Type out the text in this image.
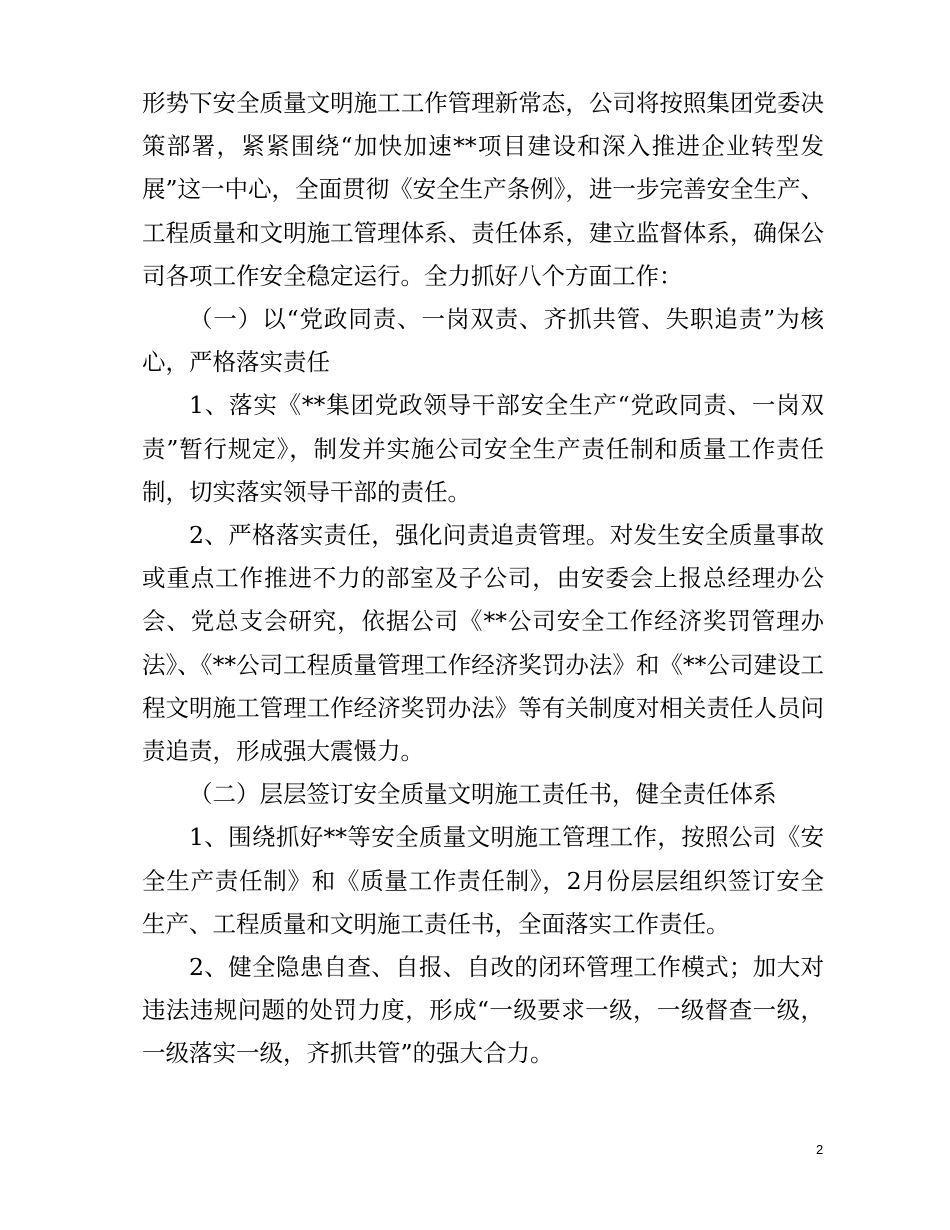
形势下安全质量文明施工工作管理新常态，公司将按照集团党委决策部署，紧紧围绕“加快加速**项目建设和深入推进企业转型发展”这一中心，全面贯彻《安全生产条例》，进一步完善安全生产、工程质量和文明施工管理体系、责任体系，建立监督体系，确保公司各项工作安全稳定运行。全力抓好八个方面工作：

（一）以“党政同责、一岗双责、齐抓共管、失职追责”为核心，严格落实责任

1、落实《**集团党政领导干部安全生产“党政同责、一岗双责”暂行规定》，制发并实施公司安全生产责任制和质量工作责任制，切实落实领导干部的责任。

2、严格落实责任，强化问责追责管理。对发生安全质量事故或重点工作推进不力的部室及子公司，由安委会上报总经理办公会、党总支会研究，依据公司《**公司安全工作经济奖罚管理办法》、《**公司工程质量管理工作经济奖罚办法》和《**公司建设工程文明施工管理工作经济奖罚办法》等有关制度对相关责任人员问责追责，形成强大震慑力。

（二）层层签订安全质量文明施工责任书，健全责任体系

1、围绕抓好**等安全质量文明施工管理工作，按照公司《安全生产责任制》和《质量工作责任制》，2月份层层组织签订安全生产、工程质量和文明施工责任书，全面落实工作责任。

2、健全隐患自查、自报、自改的闭环管理工作模式；加大对违法违规问题的处罚力度，形成“一级要求一级，一级督查一级，一级落实一级，齐抓共管”的强大合力。

2
